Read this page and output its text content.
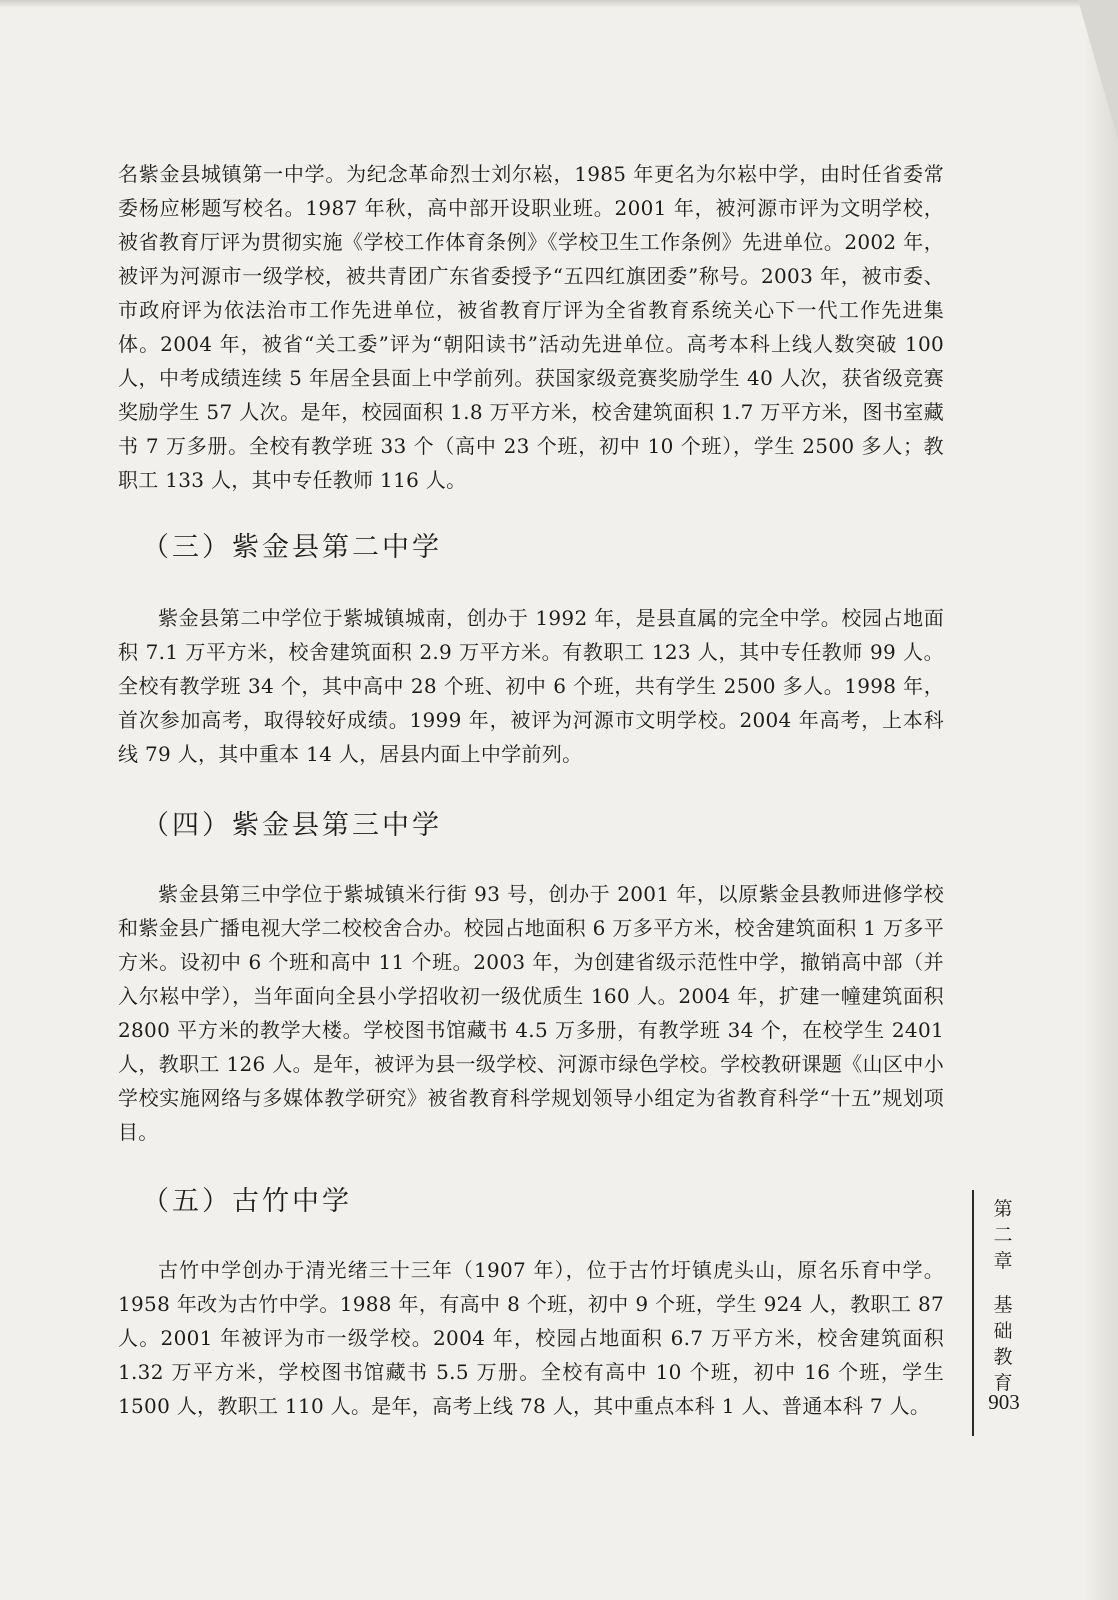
名紫金县城镇第一中学。为纪念革命烈士刘尔崧，1985 年更名为尔崧中学，由时任省委常委杨应彬题写校名。1987 年秋，高中部开设职业班。2001 年，被河源市评为文明学校，被省教育厅评为贯彻实施《学校工作体育条例》《学校卫生工作条例》先进单位。2002 年，被评为河源市一级学校，被共青团广东省委授予“五四红旗团委”称号。2003 年，被市委、市政府评为依法治市工作先进单位，被省教育厅评为全省教育系统关心下一代工作先进集体。2004 年，被省“关工委”评为“朝阳读书”活动先进单位。高考本科上线人数突破 100 人，中考成绩连续 5 年居全县面上中学前列。获国家级竞赛奖励学生 40 人次，获省级竞赛奖励学生 57 人次。是年，校园面积 1.8 万平方米，校舍建筑面积 1.7 万平方米，图书室藏书 7 万多册。全校有教学班 33 个（高中 23 个班，初中 10 个班），学生 2500 多人；教职工 133 人，其中专任教师 116 人。

（三）紫金县第二中学

紫金县第二中学位于紫城镇城南，创办于 1992 年，是县直属的完全中学。校园占地面积 7.1 万平方米，校舍建筑面积 2.9 万平方米。有教职工 123 人，其中专任教师 99 人。全校有教学班 34 个，其中高中 28 个班、初中 6 个班，共有学生 2500 多人。1998 年，首次参加高考，取得较好成绩。1999 年，被评为河源市文明学校。2004 年高考，上本科线 79 人，其中重本 14 人，居县内面上中学前列。

（四）紫金县第三中学

紫金县第三中学位于紫城镇米行街 93 号，创办于 2001 年，以原紫金县教师进修学校和紫金县广播电视大学二校校舍合办。校园占地面积 6 万多平方米，校舍建筑面积 1 万多平方米。设初中 6 个班和高中 11 个班。2003 年，为创建省级示范性中学，撤销高中部（并入尔崧中学），当年面向全县小学招收初一级优质生 160 人。2004 年，扩建一幢建筑面积 2800 平方米的教学大楼。学校图书馆藏书 4.5 万多册，有教学班 34 个，在校学生 2401 人，教职工 126 人。是年，被评为县一级学校、河源市绿色学校。学校教研课题《山区中小学校实施网络与多媒体教学研究》被省教育科学规划领导小组定为省教育科学“十五”规划项目。

（五）古竹中学

古竹中学创办于清光绪三十三年（1907 年），位于古竹圩镇虎头山，原名乐育中学。1958 年改为古竹中学。1988 年，有高中 8 个班，初中 9 个班，学生 924 人，教职工 87 人。2001 年被评为市一级学校。2004 年，校园占地面积 6.7 万平方米，校舍建筑面积 1.32 万平方米，学校图书馆藏书 5.5 万册。全校有高中 10 个班，初中 16 个班，学生 1500 人，教职工 110 人。是年，高考上线 78 人，其中重点本科 1 人、普通本科 7 人。

第
二
章
基
础
教
育
903
